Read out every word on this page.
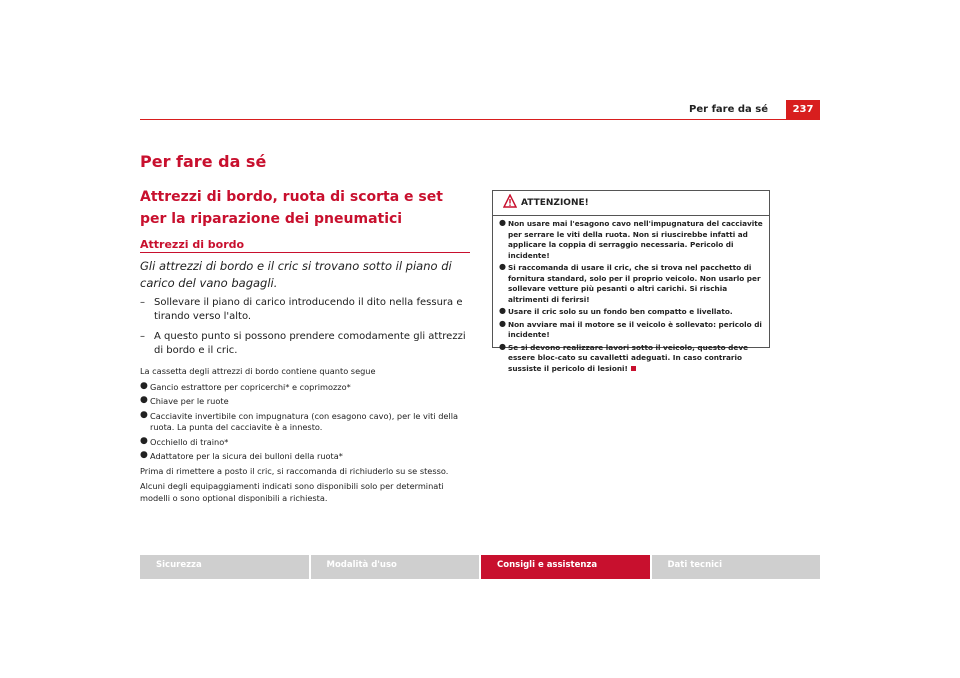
Per fare da sé	237
Per fare da sé
Attrezzi di bordo, ruota di scorta e set per la riparazione dei pneumatici
Attrezzi di bordo
Gli attrezzi di bordo e il cric si trovano sotto il piano di carico del vano bagagli.
– Sollevare il piano di carico introducendo il dito nella fessura e tirando verso l'alto.
– A questo punto si possono prendere comodamente gli attrezzi di bordo e il cric.

La cassetta degli attrezzi di bordo contiene quanto segue

● Gancio estrattore per copricerchi* e coprimozzo*
● Chiave per le ruote
● Cacciavite invertibile con impugnatura (con esagono cavo), per le viti della ruota. La punta del cacciavite è a innesto.
● Occhiello di traino*
● Adattatore per la sicura dei bulloni della ruota*

Prima di rimettere a posto il cric, si raccomanda di richiuderlo su se stesso.

Alcuni degli equipaggiamenti indicati sono disponibili solo per determinati modelli o sono optional disponibili a richiesta.

ATTENZIONE!
● Non usare mai l'esagono cavo nell'impugnatura del cacciavite per serrare le viti della ruota. Non si riuscirebbe infatti ad applicare la coppia di serraggio necessaria. Pericolo di incidente!
● Si raccomanda di usare il cric, che si trova nel pacchetto di fornitura standard, solo per il proprio veicolo. Non usarlo per sollevare vetture più pesanti o altri carichi. Si rischia altrimenti di ferirsi!
● Usare il cric solo su un fondo ben compatto e livellato.
● Non avviare mai il motore se il veicolo è sollevato: pericolo di incidente!
● Se si devono realizzare lavori sotto il veicolo, questo deve essere bloc-cato su cavalletti adeguati. In caso contrario sussiste il pericolo di lesioni!
Sicurezza	Modalità d'uso	Consigli e assistenza	Dati tecnici
